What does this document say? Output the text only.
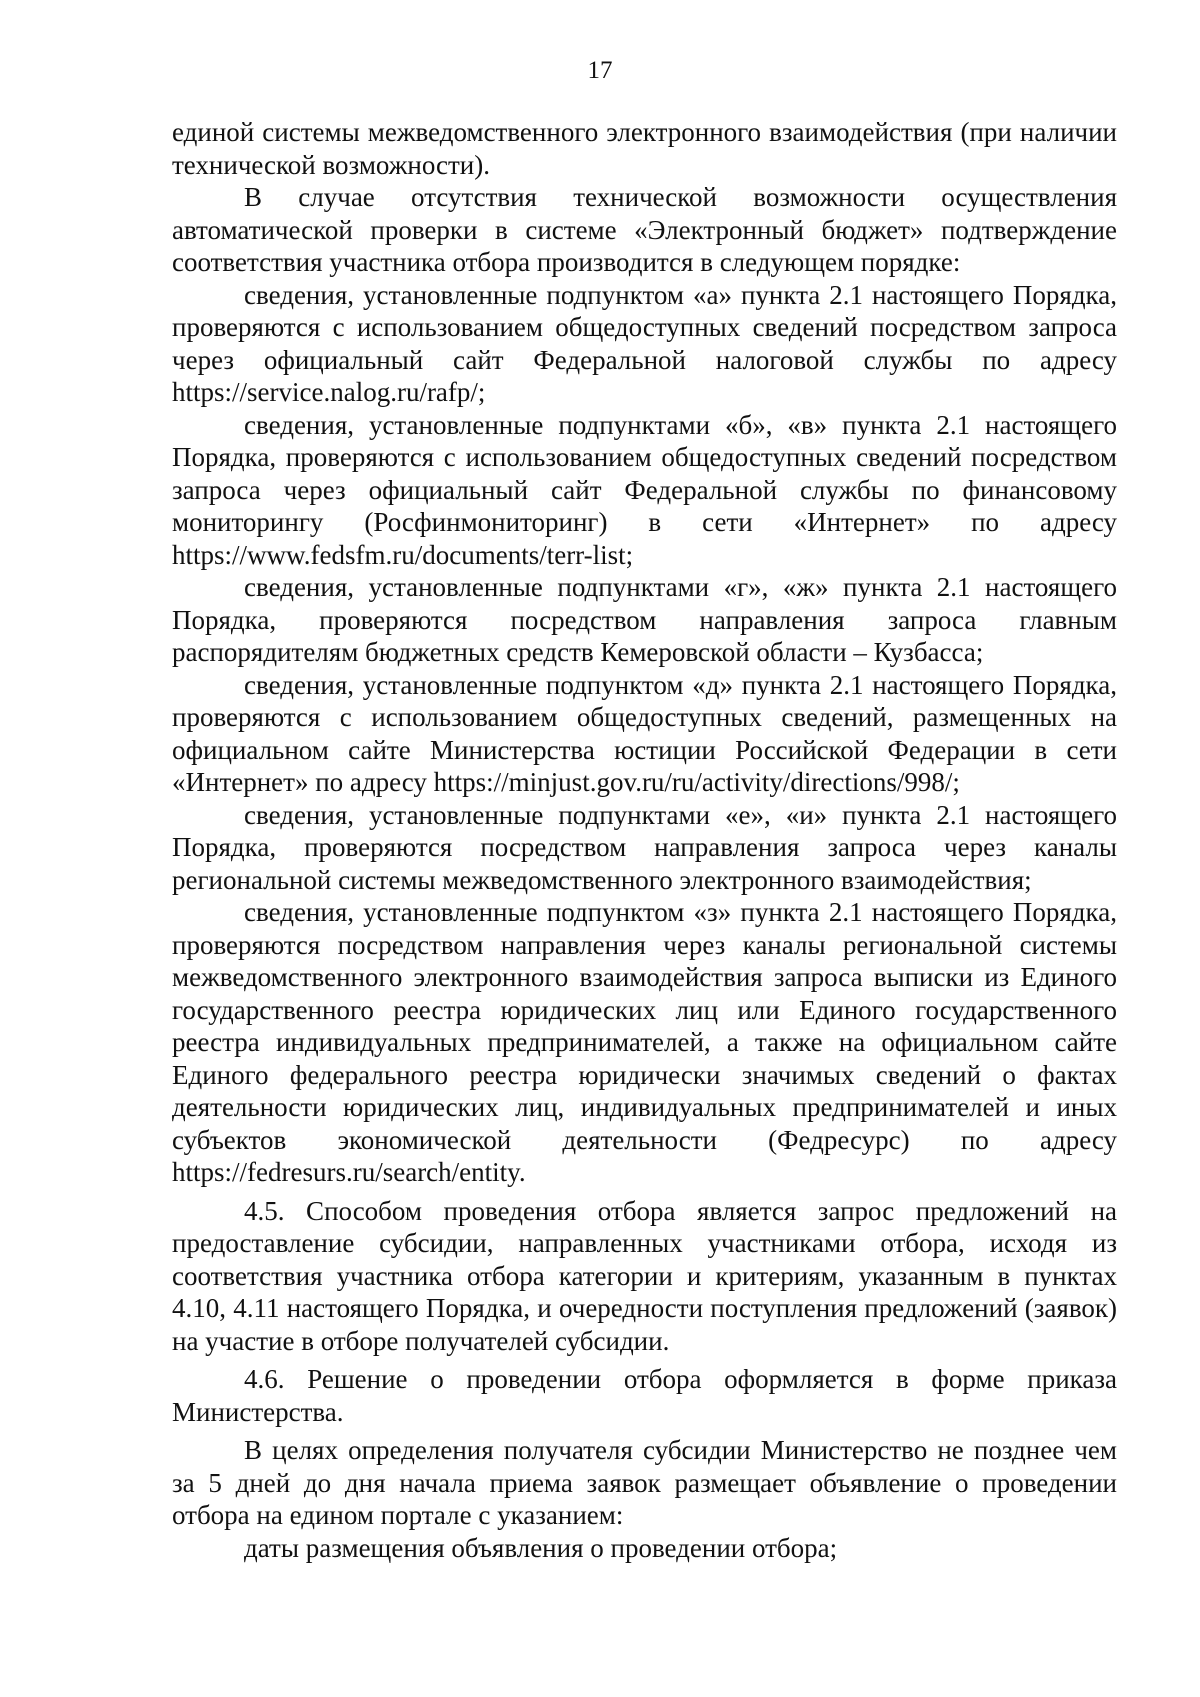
17

единой системы межведомственного электронного взаимодействия (при наличии технической возможности).

В случае отсутствия технической возможности осуществления автоматической проверки в системе «Электронный бюджет» подтверждение соответствия участника отбора производится в следующем порядке:

сведения, установленные подпунктом «а» пункта 2.1 настоящего Порядка, проверяются с использованием общедоступных сведений посредством запроса через официальный сайт Федеральной налоговой службы по адресу https://service.nalog.ru/rafp/;

сведения, установленные подпунктами «б», «в» пункта 2.1 настоящего Порядка, проверяются с использованием общедоступных сведений посредством запроса через официальный сайт Федеральной службы по финансовому мониторингу (Росфинмониторинг) в сети «Интернет» по адресу https://www.fedsfm.ru/documents/terr-list;

сведения, установленные подпунктами «г», «ж» пункта 2.1 настоящего Порядка, проверяются посредством направления запроса главным распорядителям бюджетных средств Кемеровской области – Кузбасса;

сведения, установленные подпунктом «д» пункта 2.1 настоящего Порядка, проверяются с использованием общедоступных сведений, размещенных на официальном сайте Министерства юстиции Российской Федерации в сети «Интернет» по адресу https://minjust.gov.ru/ru/activity/directions/998/;

сведения, установленные подпунктами «е», «и» пункта 2.1 настоящего Порядка, проверяются посредством направления запроса через каналы региональной системы межведомственного электронного взаимодействия;

сведения, установленные подпунктом «з» пункта 2.1 настоящего Порядка, проверяются посредством направления через каналы региональной системы межведомственного электронного взаимодействия запроса выписки из Единого государственного реестра юридических лиц или Единого государственного реестра индивидуальных предпринимателей, а также на официальном сайте Единого федерального реестра юридически значимых сведений о фактах деятельности юридических лиц, индивидуальных предпринимателей и иных субъектов экономической деятельности (Федресурс) по адресу https://fedresurs.ru/search/entity.

4.5. Способом проведения отбора является запрос предложений на предоставление субсидии, направленных участниками отбора, исходя из соответствия участника отбора категории и критериям, указанным в пунктах 4.10, 4.11 настоящего Порядка, и очередности поступления предложений (заявок) на участие в отборе получателей субсидии.

4.6. Решение о проведении отбора оформляется в форме приказа Министерства.

В целях определения получателя субсидии Министерство не позднее чем за 5 дней до дня начала приема заявок размещает объявление о проведении отбора на едином портале с указанием:

даты размещения объявления о проведении отбора;
